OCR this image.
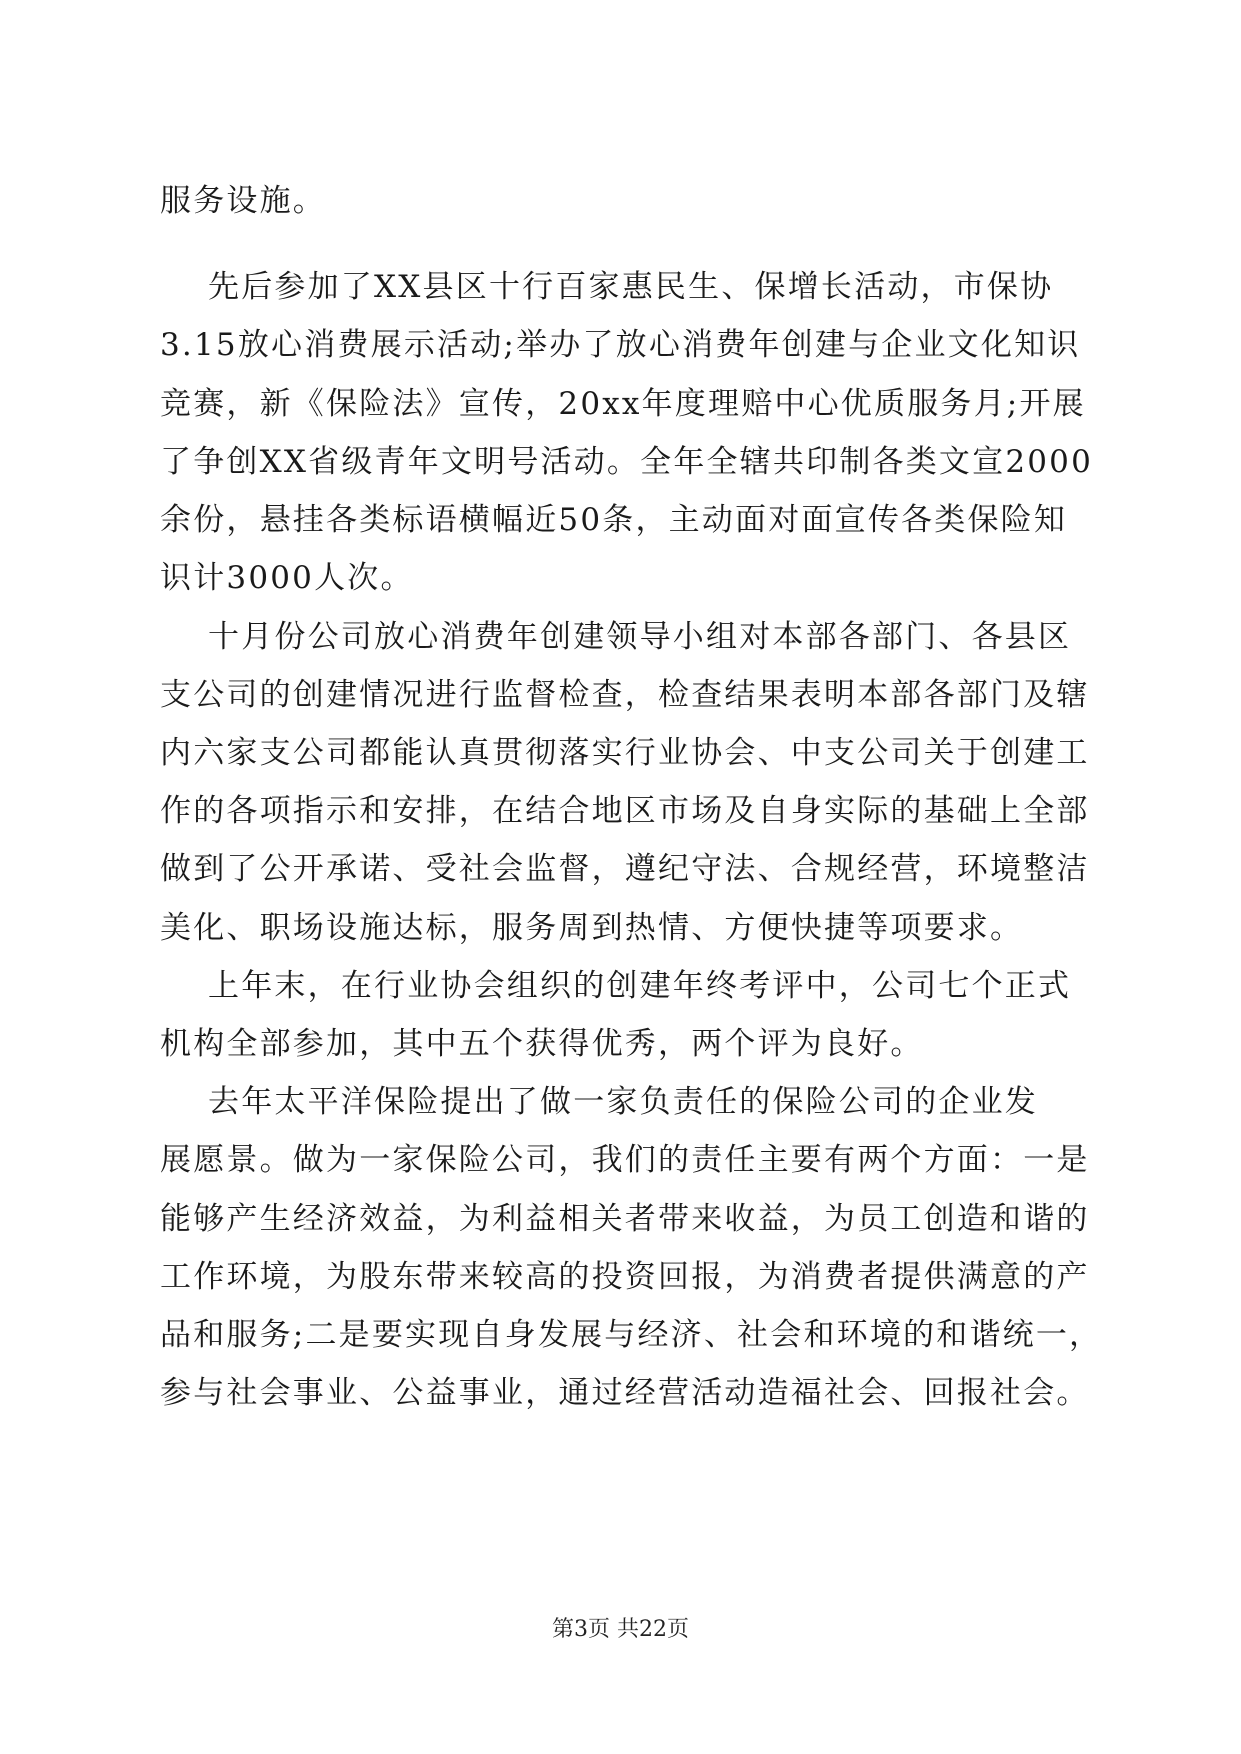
服务设施。
先后参加了XX县区十行百家惠民生、保增长活动，市保协
3.15放心消费展示活动;举办了放心消费年创建与企业文化知识
竞赛，新《保险法》宣传，20xx年度理赔中心优质服务月;开展
了争创XX省级青年文明号活动。全年全辖共印制各类文宣2000
余份，悬挂各类标语横幅近50条，主动面对面宣传各类保险知
识计3000人次。
十月份公司放心消费年创建领导小组对本部各部门、各县区
支公司的创建情况进行监督检查，检查结果表明本部各部门及辖
内六家支公司都能认真贯彻落实行业协会、中支公司关于创建工
作的各项指示和安排，在结合地区市场及自身实际的基础上全部
做到了公开承诺、受社会监督，遵纪守法、合规经营，环境整洁
美化、职场设施达标，服务周到热情、方便快捷等项要求。
上年末，在行业协会组织的创建年终考评中，公司七个正式
机构全部参加，其中五个获得优秀，两个评为良好。
去年太平洋保险提出了做一家负责任的保险公司的企业发
展愿景。做为一家保险公司，我们的责任主要有两个方面：一是
能够产生经济效益，为利益相关者带来收益，为员工创造和谐的
工作环境，为股东带来较高的投资回报，为消费者提供满意的产
品和服务;二是要实现自身发展与经济、社会和环境的和谐统一，
参与社会事业、公益事业，通过经营活动造福社会、回报社会。
第3页 共22页
